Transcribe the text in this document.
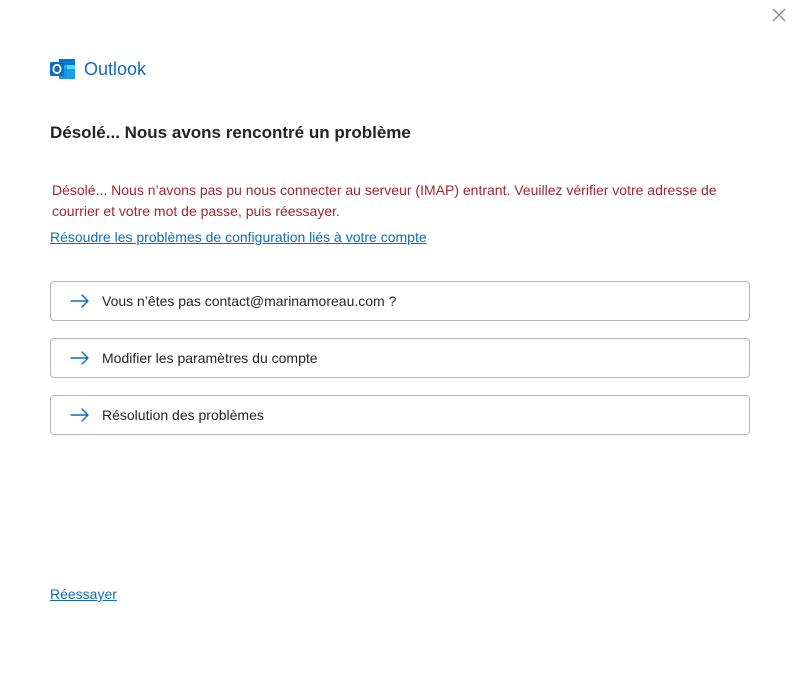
Outlook
Désolé... Nous avons rencontré un problème

Désolé... Nous n’avons pas pu nous connecter au serveur (IMAP) entrant. Veuillez vérifier votre adresse de courrier et votre mot de passe, puis réessayer.

Résoudre les problèmes de configuration liés à votre compte
Vous n’êtes pas contact@marinamoreau.com ?
Modifier les paramètres du compte
Résolution des problèmes
Réessayer
